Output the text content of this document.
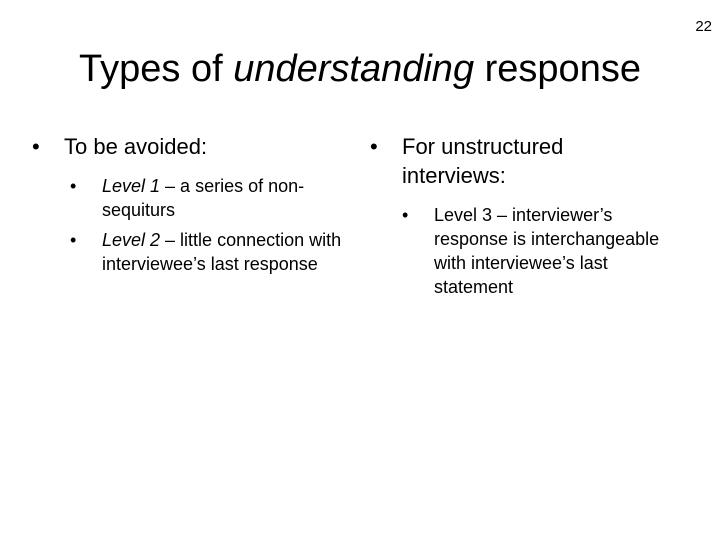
22
Types of understanding response
• To be avoided:
• Level 1 – a series of non-sequiturs
• Level 2 – little connection with interviewee’s last response
• For unstructured interviews:
• Level 3 – interviewer’s response is interchangeable with interviewee’s last statement
